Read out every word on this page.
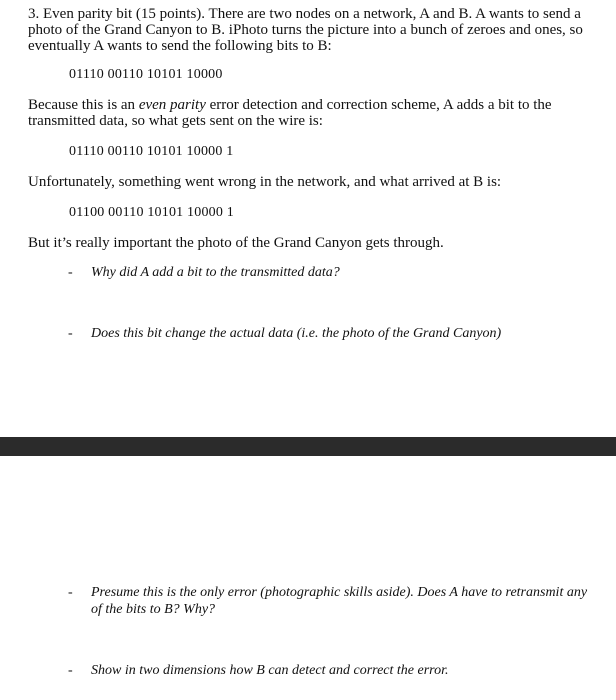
3. Even parity bit (15 points). There are two nodes on a network, A and B. A wants to send a photo of the Grand Canyon to B. iPhoto turns the picture into a bunch of zeroes and ones, so eventually A wants to send the following bits to B:

01110 00110 10101 10000

Because this is an even parity error detection and correction scheme, A adds a bit to the transmitted data, so what gets sent on the wire is:

01110 00110 10101 10000 1

Unfortunately, something went wrong in the network, and what arrived at B is:

01100 00110 10101 10000 1

But it’s really important the photo of the Grand Canyon gets through.

- Why did A add a bit to the transmitted data?
- Does this bit change the actual data (i.e. the photo of the Grand Canyon)
- Presume this is the only error (photographic skills aside). Does A have to retransmit any of the bits to B? Why?
- Show in two dimensions how B can detect and correct the error.
